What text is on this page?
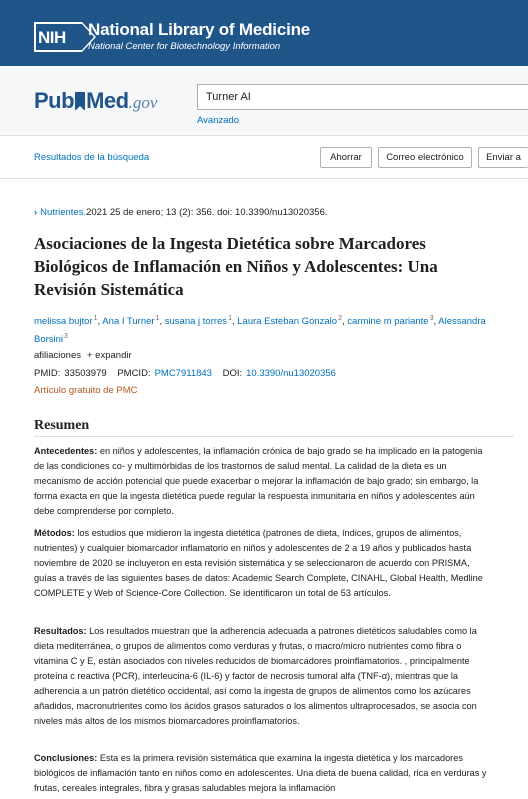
NIH National Library of Medicine
National Center for Biotechnology Information
Pub Med.gov	Turner AI
Avanzado
Resultados de la búsqueda	Ahorrar	Correo electrónico	Enviar a
› Nutrientes.2021 25 de enero; 13 (2): 356. doi: 10.3390/nu13020356.
Asociaciones de la Ingesta Dietética sobre Marcadores Biológicos de Inflamación en Niños y Adolescentes: Una Revisión Sistemática
melissa bujtor$^1$, Ana I Turner$^1$, susana j torres$^1$, Laura Esteban Gonzalo$^2$, carmine m pariante$^3$, Alessandra Borsini$^3$
afiliaciones + expandir
PMID: 33503979 PMCID: PMC7911843 DOI: 10.3390/nu13020356
Artículo gratuito de PMC
Resumen

Antecedentes: en niños y adolescentes, la inflamación crónica de bajo grado se ha implicado en la patogenia de las condiciones co- y multimórbidas de los trastornos de salud mental. La calidad de la dieta es un mecanismo de acción potencial que puede exacerbar o mejorar la inflamación de bajo grado; sin embargo, la forma exacta en que la ingesta dietética puede regular la respuesta inmunitaria en niños y adolescentes aún debe comprenderse por completo.

Métodos: los estudios que midieron la ingesta dietética (patrones de dieta, índices, grupos de alimentos, nutrientes) y cualquier biomarcador inflamatorio en niños y adolescentes de 2 a 19 años y publicados hasta noviembre de 2020 se incluyeron en esta revisión sistemática y se seleccionaron de acuerdo con PRISMA, guías a través de las siguientes bases de datos: Academic Search Complete, CINAHL, Global Health, Medline COMPLETE y Web of Science-Core Collection. Se identificaron un total de 53 artículos.

Resultados: Los resultados muestran que la adherencia adecuada a patrones dietéticos saludables como la dieta mediterránea, o grupos de alimentos como verduras y frutas, o macro/micro nutrientes como fibra o vitamina C y E, están asociados con niveles reducidos de biomarcadores proinflamatorios. , principalmente proteína c reactiva (PCR), interleucina-6 (IL-6) y factor de necrosis tumoral alfa (TNF-α), mientras que la adherencia a un patrón dietético occidental, así como la ingesta de grupos de alimentos como los azúcares añadidos, macronutrientes como los ácidos grasos saturados o los alimentos ultraprocesados, se asocia con niveles más altos de los mismos biomarcadores proinflamatorios.

Conclusiones: Esta es la primera revisión sistemática que examina la ingesta dietética y los marcadores biológicos de inflamación tanto en niños como en adolescentes. Una dieta de buena calidad, rica en verduras y frutas, cereales integrales, fibra y grasas saludables mejora la inflamación
